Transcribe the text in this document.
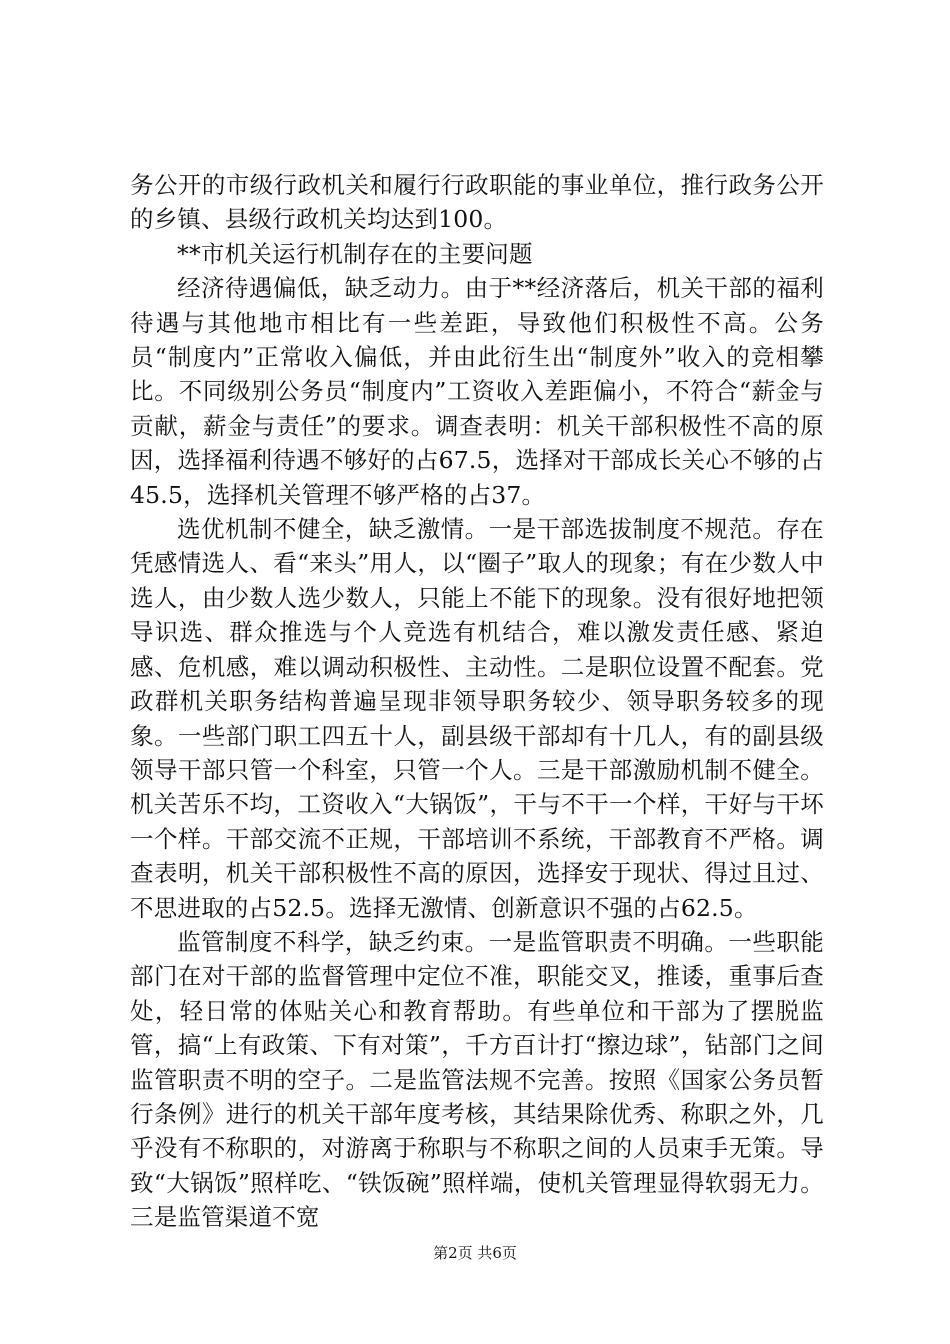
务公开的市级行政机关和履行行政职能的事业单位，推行政务公开的乡镇、县级行政机关均达到100。

**市机关运行机制存在的主要问题

经济待遇偏低，缺乏动力。由于**经济落后，机关干部的福利待遇与其他地市相比有一些差距，导致他们积极性不高。公务员“制度内”正常收入偏低，并由此衍生出“制度外”收入的竞相攀比。不同级别公务员“制度内”工资收入差距偏小，不符合“薪金与贡献，薪金与责任”的要求。调查表明：机关干部积极性不高的原因，选择福利待遇不够好的占67.5，选择对干部成长关心不够的占45.5，选择机关管理不够严格的占37。

选优机制不健全，缺乏激情。一是干部选拔制度不规范。存在凭感情选人、看“来头”用人，以“圈子”取人的现象；有在少数人中选人，由少数人选少数人，只能上不能下的现象。没有很好地把领导识选、群众推选与个人竞选有机结合，难以激发责任感、紧迫感、危机感，难以调动积极性、主动性。二是职位设置不配套。党政群机关职务结构普遍呈现非领导职务较少、领导职务较多的现象。一些部门职工四五十人，副县级干部却有十几人，有的副县级领导干部只管一个科室，只管一个人。三是干部激励机制不健全。机关苦乐不均，工资收入“大锅饭”，干与不干一个样，干好与干坏一个样。干部交流不正规，干部培训不系统，干部教育不严格。调查表明，机关干部积极性不高的原因，选择安于现状、得过且过、不思进取的占52.5。选择无激情、创新意识不强的占62.5。

监管制度不科学，缺乏约束。一是监管职责不明确。一些职能部门在对干部的监督管理中定位不准，职能交叉，推诿，重事后查处，轻日常的体贴关心和教育帮助。有些单位和干部为了摆脱监管，搞“上有政策、下有对策”，千方百计打“擦边球”，钻部门之间监管职责不明的空子。二是监管法规不完善。按照《国家公务员暂行条例》进行的机关干部年度考核，其结果除优秀、称职之外，几乎没有不称职的，对游离于称职与不称职之间的人员束手无策。导致“大锅饭”照样吃、“铁饭碗”照样端，使机关管理显得软弱无力。三是监管渠道不宽

第2页 共6页
